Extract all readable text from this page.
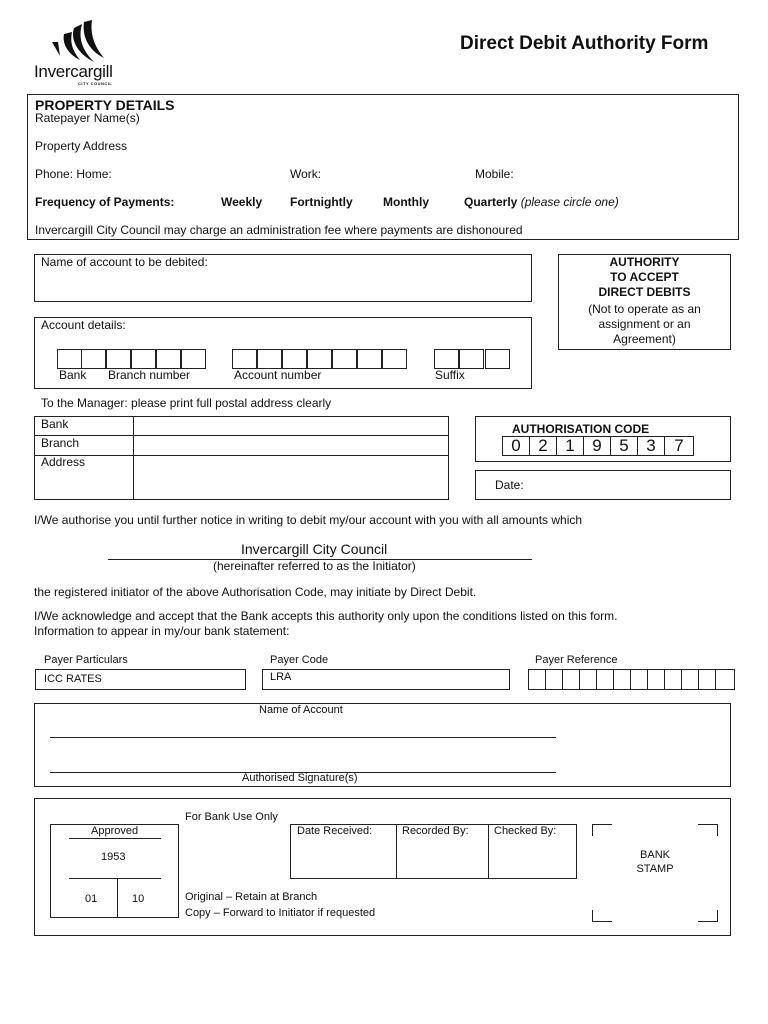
Invercargill
CITY COUNCIL
Direct Debit Authority Form
PROPERTY DETAILS
Ratepayer Name(s)
Property Address
Phone: Home:	Work:	Mobile:
Frequency of Payments:	Weekly Fortnightly	Monthly	Quarterly (please circle one)
Invercargill City Council may charge an administration fee where payments are dishonoured
Name of account to be debited:	AUTHORITY
TO ACCEPT
DIRECT DEBITS
(Not to operate as an
assignment or an
Agreement)
Account details:
Bank Branch number	Account number	Suffix
To the Manager: please print full postal address clearly
Bank
Branch
Address
AUTHORISATION CODE
0	2	1	9	5	3	7
Date:
I/We authorise you until further notice in writing to debit my/our account with you with all amounts which
Invercargill City Council
(hereinafter referred to as the Initiator)
the registered initiator of the above Authorisation Code, may initiate by Direct Debit.
I/We acknowledge and accept that the Bank accepts this authority only upon the conditions listed on this form.
Information to appear in my/our bank statement:
Payer Particulars
ICC RATES
Payer Code
LRA
Payer Reference
Name of Account
Authorised Signature(s)
For Bank Use Only
Approved
1953
01	10
Date Received:	Recorded By: Checked By:
Original – Retain at Branch
Copy – Forward to Initiator if requested
BANK
STAMP
